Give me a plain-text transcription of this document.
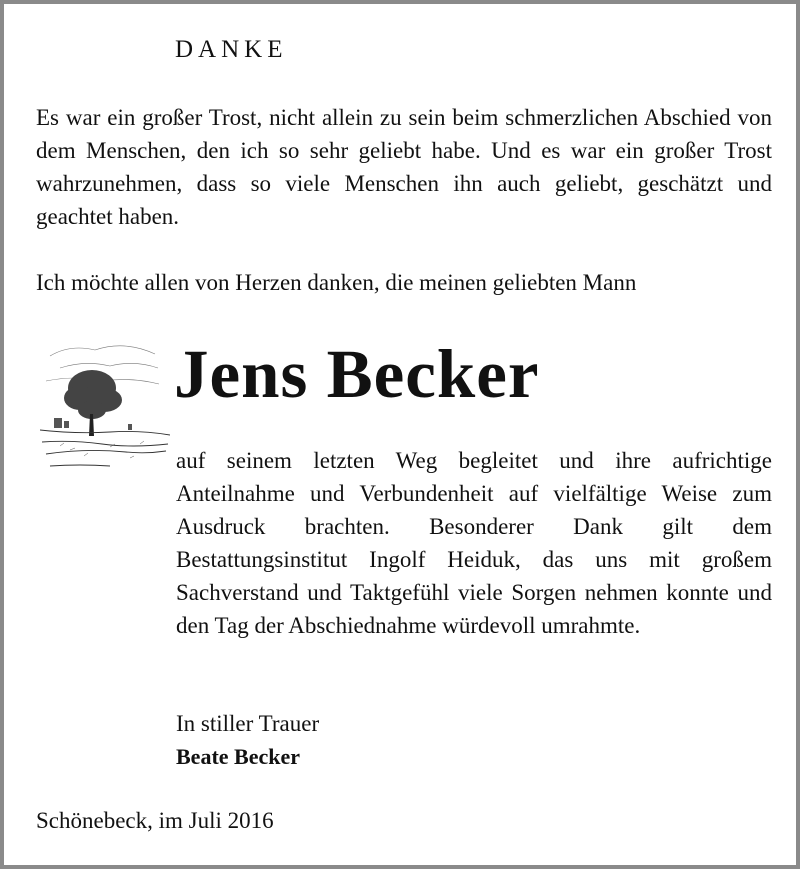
DANKE
Es war ein großer Trost, nicht allein zu sein beim schmerzlichen Abschied von dem Menschen, den ich so sehr geliebt habe. Und es war ein großer Trost wahrzunehmen, dass so viele Menschen ihn auch geliebt, geschätzt und geachtet haben.
Ich möchte allen von Herzen danken, die meinen geliebten Mann
Jens Becker
auf seinem letzten Weg begleitet und ihre aufrichtige Anteilnahme und Verbundenheit auf vielfältige Weise zum Ausdruck brachten. Besonderer Dank gilt dem Bestattungsinstitut Ingolf Heiduk, das uns mit großem Sachverstand und Taktgefühl viele Sorgen nehmen konnte und den Tag der Abschiednahme würdevoll umrahmte.
In stiller Trauer
Beate Becker
Schönebeck, im Juli 2016
